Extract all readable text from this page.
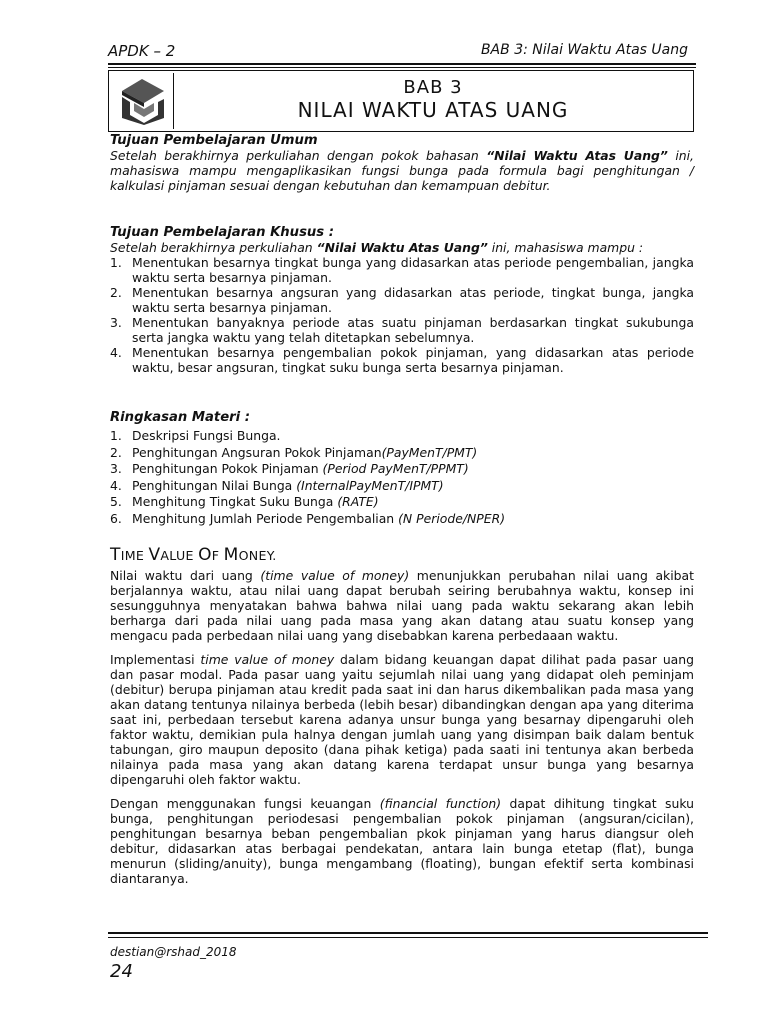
APDK – 2	BAB 3: Nilai Waktu Atas Uang
BAB 3
NILAI WAKTU ATAS UANG
Tujuan Pembelajaran Umum
Setelah berakhirnya perkuliahan dengan pokok bahasan “Nilai Waktu Atas Uang” ini, mahasiswa mampu mengaplikasikan fungsi bunga pada formula bagi penghitungan / kalkulasi pinjaman sesuai dengan kebutuhan dan kemampuan debitur.
Tujuan Pembelajaran Khusus :
Setelah berakhirnya perkuliahan “Nilai Waktu Atas Uang” ini, mahasiswa mampu :
1. Menentukan besarnya tingkat bunga yang didasarkan atas periode pengembalian, jangka waktu serta besarnya pinjaman.
2. Menentukan besarnya angsuran yang didasarkan atas periode, tingkat bunga, jangka waktu serta besarnya pinjaman.
3. Menentukan banyaknya periode atas suatu pinjaman berdasarkan tingkat sukubunga serta jangka waktu yang telah ditetapkan sebelumnya.
4. Menentukan besarnya pengembalian pokok pinjaman, yang didasarkan atas periode waktu, besar angsuran, tingkat suku bunga serta besarnya pinjaman.
Ringkasan Materi :
1. Deskripsi Fungsi Bunga.
2. Penghitungan Angsuran Pokok Pinjaman(PayMenT/PMT)
3. Penghitungan Pokok Pinjaman (Period PayMenT/PPMT)
4. Penghitungan Nilai Bunga (InternalPayMenT/IPMT)
5. Menghitung Tingkat Suku Bunga (RATE)
6. Menghitung Jumlah Periode Pengembalian (N Periode/NPER)
TIME VALUE OF MONEY.
Nilai waktu dari uang (time value of money) menunjukkan perubahan nilai uang akibat berjalannya waktu, atau nilai uang dapat berubah seiring berubahnya waktu, konsep ini sesungguhnya menyatakan bahwa bahwa nilai uang pada waktu sekarang akan lebih berharga dari pada nilai uang pada masa yang akan datang atau suatu konsep yang mengacu pada perbedaan nilai uang yang disebabkan karena perbedaaan waktu.
Implementasi time value of money dalam bidang keuangan dapat dilihat pada pasar uang dan pasar modal. Pada pasar uang yaitu sejumlah nilai uang yang didapat oleh peminjam (debitur) berupa pinjaman atau kredit pada saat ini dan harus dikembalikan pada masa yang akan datang tentunya nilainya berbeda (lebih besar) dibandingkan dengan apa yang diterima saat ini, perbedaan tersebut karena adanya unsur bunga yang besarnay dipengaruhi oleh faktor waktu, demikian pula halnya dengan jumlah uang yang disimpan baik dalam bentuk tabungan, giro maupun deposito (dana pihak ketiga) pada saati ini tentunya akan berbeda nilainya pada masa yang akan datang karena terdapat unsur bunga yang besarnya dipengaruhi oleh faktor waktu.
Dengan menggunakan fungsi keuangan (financial function) dapat dihitung tingkat suku bunga, penghitungan periodesasi pengembalian pokok pinjaman (angsuran/cicilan), penghitungan besarnya beban pengembalian pkok pinjaman yang harus diangsur oleh debitur, didasarkan atas berbagai pendekatan, antara lain bunga etetap (flat), bunga menurun (sliding/anuity), bunga mengambang (floating), bungan efektif serta kombinasi diantaranya.
destian@rshad_2018
24
